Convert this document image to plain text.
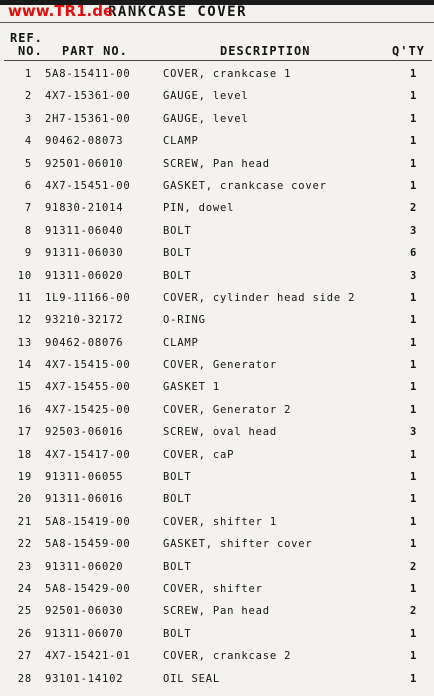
RANKCASE COVER
www.TR1.de
REF.
NO. PART NO.	DESCRIPTION	Q'TY
1 5A8-15411-00	COVER, crankcase 1	1
2 4X7-15361-00	GAUGE, level	1
3 2H7-15361-00	GAUGE, level	1
4 90462-08073	CLAMP	1
5 92501-06010	SCREW, Pan head	1
6 4X7-15451-00	GASKET, crankcase cover	1
7 91830-21014	PIN, dowel	2
8 91311-06040	BOLT	3
9 91311-06030	BOLT	6
10 91311-06020	BOLT	3
11 1L9-11166-00	COVER, cylinder head side 2	1
12 93210-32172	O-RING	1
13 90462-08076	CLAMP	1
14 4X7-15415-00	COVER, Generator	1
15 4X7-15455-00	GASKET 1	1
16 4X7-15425-00	COVER, Generator 2	1
17 92503-06016	SCREW, oval head	3
18 4X7-15417-00	COVER, caP	1
19 91311-06055	BOLT	1
20 91311-06016	BOLT	1
21 5A8-15419-00	COVER, shifter 1	1
22 5A8-15459-00	GASKET, shifter cover	1
23 91311-06020	BOLT	2
24 5A8-15429-00	COVER, shifter	1
25 92501-06030	SCREW, Pan head	2
26 91311-06070	BOLT	1
27 4X7-15421-01	COVER, crankcase 2	1
28 93101-14102	OIL SEAL	1
